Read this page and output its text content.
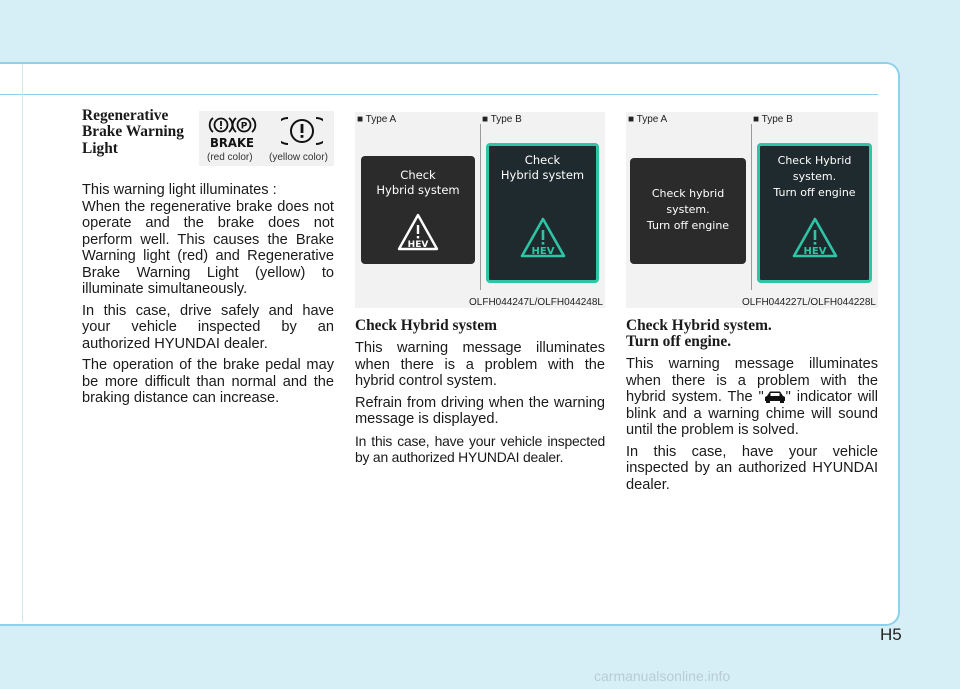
Regenerative Brake Warning Light
P
BRAKE
(red color) (yellow color)

This warning light illuminates :

When the regenerative brake does not operate and the brake does not perform well. This causes the Brake Warning light (red) and Regenerative Brake Warning Light (yellow) to illuminate simultaneously.

In this case, drive safely and have your vehicle inspected by an authorized HYUNDAI dealer.

The operation of the brake pedal may be more difficult than normal and the braking distance can increase.

■ Type A	■ Type B
Check
Hybrid system
HEV
Check
Hybrid system
HEV
OLFH044247L/OLFH044248L
Check Hybrid system

This warning message illuminates when there is a problem with the hybrid control system.

Refrain from driving when the warning message is displayed.

In this case, have your vehicle inspected by an authorized HYUNDAI dealer.

■ Type A	■ Type B
Check hybrid
system.
Turn off engine
Check Hybrid
system.
Turn off engine
HEV
OLFH044227L/OLFH044228L
Check Hybrid system.
Turn off engine.

This warning message illuminates when there is a problem with the hybrid system. The " " indicator will blink and a warning chime will sound until the problem is solved.

In this case, have your vehicle inspected by an authorized HYUNDAI dealer.

H5
carmanualsonline.info
